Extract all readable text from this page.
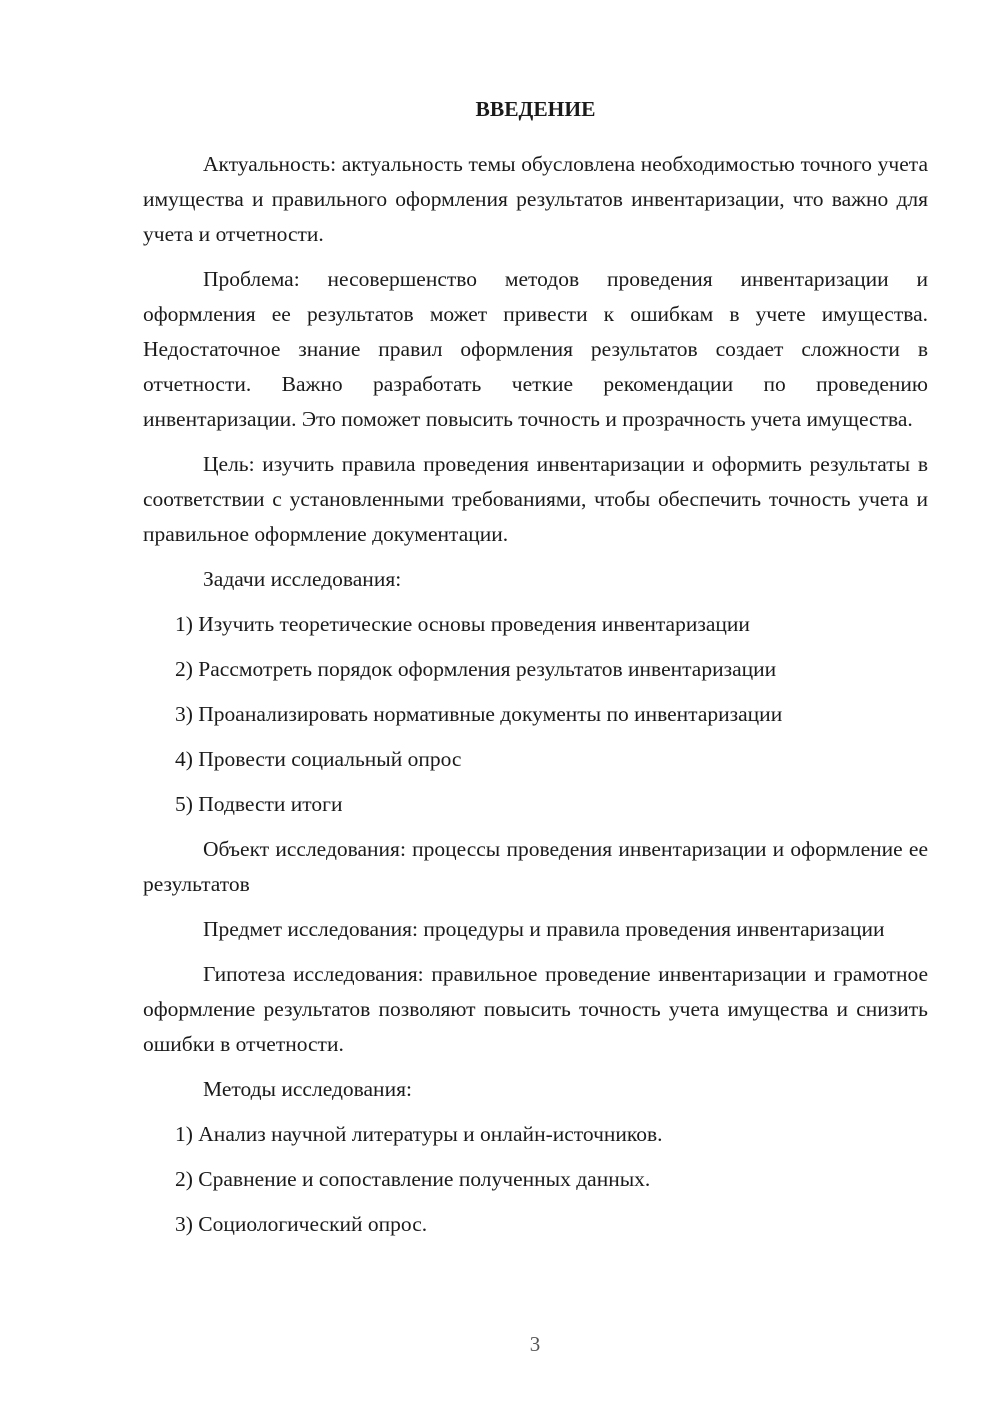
ВВЕДЕНИЕ

Актуальность: актуальность темы обусловлена необходимостью точного учета имущества и правильного оформления результатов инвентаризации, что важно для учета и отчетности.

Проблема: несовершенство методов проведения инвентаризации и оформления ее результатов может привести к ошибкам в учете имущества. Недостаточное знание правил оформления результатов создает сложности в отчетности. Важно разработать четкие рекомендации по проведению инвентаризации. Это поможет повысить точность и прозрачность учета имущества.

Цель: изучить правила проведения инвентаризации и оформить результаты в соответствии с установленными требованиями, чтобы обеспечить точность учета и правильное оформление документации.

Задачи исследования:

1) Изучить теоретические основы проведения инвентаризации
2) Рассмотреть порядок оформления результатов инвентаризации
3) Проанализировать нормативные документы по инвентаризации
4) Провести социальный опрос
5) Подвести итоги

Объект исследования: процессы проведения инвентаризации и оформление ее результатов

Предмет исследования: процедуры и правила проведения инвентаризации

Гипотеза исследования: правильное проведение инвентаризации и грамотное оформление результатов позволяют повысить точность учета имущества и снизить ошибки в отчетности.

Методы исследования:

1) Анализ научной литературы и онлайн-источников.
2) Сравнение и сопоставление полученных данных.
3) Социологический опрос.
3
